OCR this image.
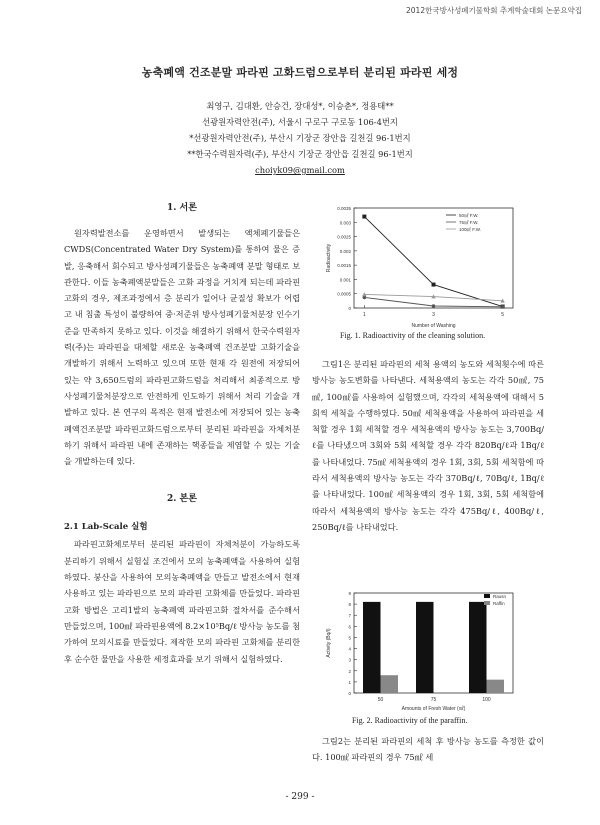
2012한국방사성폐기물학회 추계학술대회 논문요약집
농축폐액 건조분말 파라핀 고화드럼으로부터 분리된 파라핀 세정
최영구, 김대환, 안승건, 장대성*, 이승춘*, 정용태**
선광원자력안전(주), 서울시 구로구 구로동 106-4번지
*선광원자력안전(주), 부산시 기장군 장안읍 길천길 96-1번지
**한국수력원자력(주), 부산시 기장군 장안읍 길천길 96-1번지
choiyk09@gmail.com
1. 서론

원자력발전소를 운영하면서 발생되는 액체폐기물들은 CWDS(Concentrated Water Dry System)를 통하여 물은 증발, 응축해서 회수되고 방사성폐기물들은 농축폐액 분말 형태로 보관한다. 이들 농축폐액분말들은 고화 과정을 거치게 되는데 파라핀 고화의 경우, 제조과정에서 층 분리가 일어나 균질성 확보가 어렵고 내 침출 특성이 불량하여 중·저준위 방사성폐기물처분장 인수기준을 만족하지 못하고 있다. 이것을 해결하기 위해서 한국수력원자력(주)는 파라핀을 대체할 새로운 농축폐액 건조분말 고화기술을 개발하기 위해서 노력하고 있으며 또한 현재 각 원전에 저장되어 있는 약 3,650드럼의 파라핀고화드럼을 처리해서 최종적으로 방사성폐기물처분장으로 안전하게 인도하기 위해서 처리 기술을 개발하고 있다. 본 연구의 목적은 현재 발전소에 저장되어 있는 농축폐액건조분말 파라핀고화드럼으로부터 분리된 파라핀을 자체처분하기 위해서 파라핀 내에 존재하는 핵종들을 제염할 수 있는 기술을 개발하는데 있다.

2. 본론
2.1 Lab-Scale 실험

파라핀고화체로부터 분리된 파라핀이 자체처분이 가능하도록 분리하기 위해서 실험실 조건에서 모의 농축폐액을 사용하여 실험하였다. 붕산을 사용하여 모의농축폐액을 만들고 발전소에서 현재 사용하고 있는 파라핀으로 모의 파라핀 고화체를 만들었다. 파라핀고화 방법은 고리1발의 농축폐액 파라핀고화 절차서를 준수해서 만들었으며, 100㎖ 파라핀용액에 8.2×10⁵Bq/ℓ 방사능 농도를 첨가하여 모의시료를 만들었다. 제작한 모의 파라핀 고화체를 분리한 후 순수한 물만을 사용한 세정효과를 보기 위해서 실험하였다.

0
0.0005
0.001
0.0015
0.002
0.0025
0.003
0.0035
1	3	5
Number of Washing
Radioactivity
50㎖ F.W.
75㎖ F.W.
100㎖ F.W.
Fig. 1. Radioactivity of the cleaning solution.

그림1은 분리된 파라핀의 세척 용액의 농도와 세척횟수에 따른 방사능 농도변화를 나타낸다. 세척용액의 농도는 각각 50㎖, 75㎖, 100㎖를 사용하여 실험했으며, 각각의 세척용액에 대해서 5회씩 세척을 수행하였다. 50㎖ 세척용액을 사용하여 파라핀을 세척할 경우 1회 세척할 경우 세척용액의 방사능 농도는 3,700Bq/ℓ를 나타냈으며 3회와 5회 세척할 경우 각각 820Bq/ℓ과 1Bq/ℓ를 나타내었다. 75㎖ 세척용액의 경우 1회, 3회, 5회 세척함에 따라서 세척용액의 방사능 농도는 각각 370Bq/ℓ, 70Bq/ℓ, 1Bq/ℓ를 나타내었다. 100㎖ 세척용액의 경우 1회, 3회, 5회 세척함에 따라서 세척용액의 방사능 농도는 각각 475Bq/ℓ, 400Bq/ℓ, 250Bq/ℓ를 나타내었다.

0
1
2
3
4
5
6
7
8
9
50	75	100
Amounts of Fresh Water (㎖)
Activity (Bq/l)
Raosn
Raffin
Fig. 2. Radioactivity of the paraffin.

그림2는 분리된 파라핀의 세척 후 방사능 농도를 측정한 값이다. 100㎖ 파라핀의 경우 75㎖ 세

- 299 -
